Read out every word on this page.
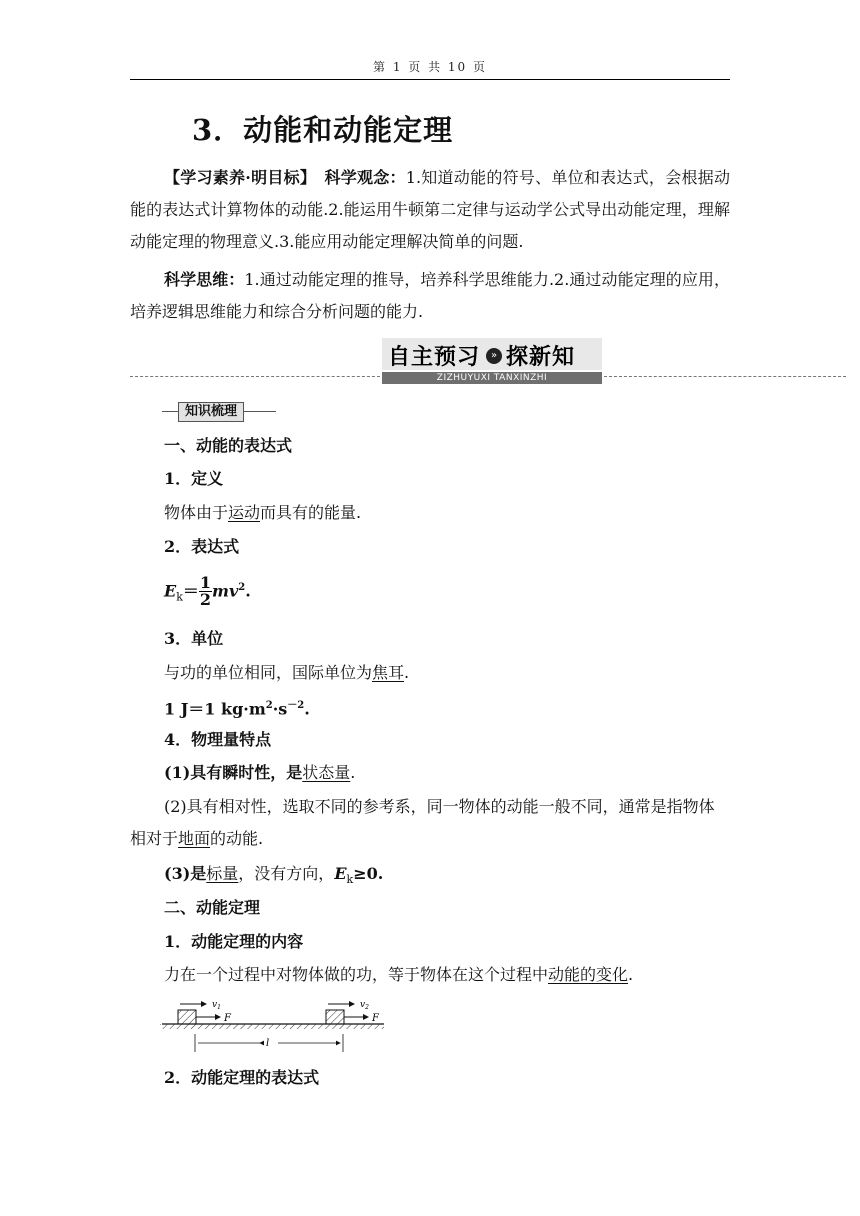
第 1 页 共 10 页
3．动能和动能定理

【学习素养·明目标】　 科学观念：1.知道动能的符号、单位和表达式，会根据动能的表达式计算物体的动能.2.能运用牛顿第二定律与运动学公式导出动能定理，理解动能定理的物理意义.3.能应用动能定理解决简单的问题.

科学思维：1.通过动能定理的推导，培养科学思维能力.2.通过动能定理的应用，培养逻辑思维能力和综合分析问题的能力.

自主预习 探新知
»
ZIZHUYUXI TANXINZHI
知识梳理

一、动能的表达式

1．定义

物体由于运动而具有的能量.

2．表达式

$E_k= \frac{1}{2} mv^2$.

3．单位

与功的单位相同，国际单位为焦耳.

1 J＝1 $kg\cdot m^2\cdot s^{-2}$.

4．物理量特点

(1)具有瞬时性，是状态量.

(2)具有相对性，选取不同的参考系，同一物体的动能一般不同，通常是指物体相对于地面的动能.

(3)是标量，没有方向，$E_k\ge 0$.

二、动能定理

1．动能定理的内容

力在一个过程中对物体做的功，等于物体在这个过程中动能的变化.

$v_1$	$v_2$
F	F
l

2．动能定理的表达式
